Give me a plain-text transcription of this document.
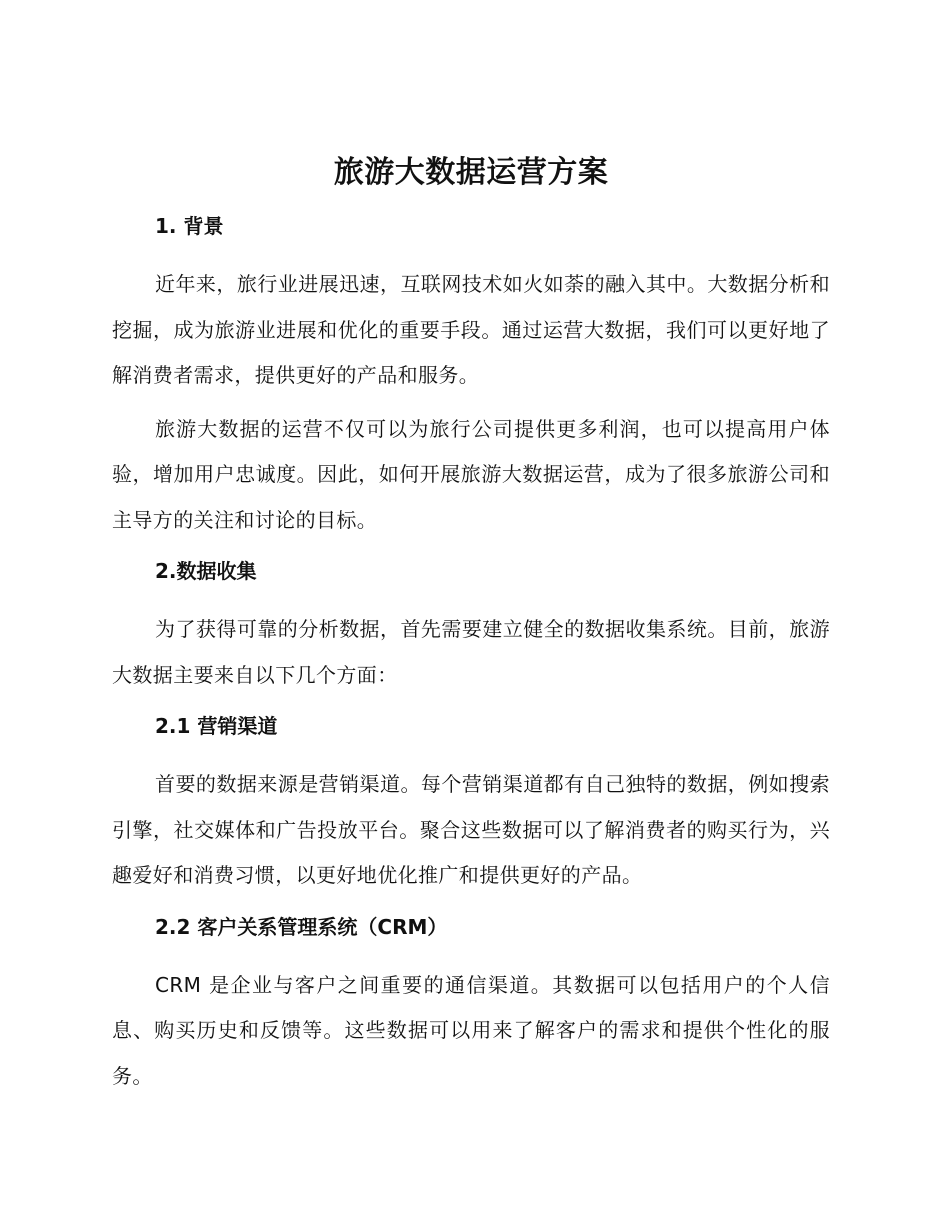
旅游大数据运营方案
1. 背景

近年来，旅行业进展迅速，互联网技术如火如荼的融入其中。大数据分析和挖掘，成为旅游业进展和优化的重要手段。通过运营大数据，我们可以更好地了解消费者需求，提供更好的产品和服务。

旅游大数据的运营不仅可以为旅行公司提供更多利润，也可以提高用户体验，增加用户忠诚度。因此，如何开展旅游大数据运营，成为了很多旅游公司和主导方的关注和讨论的目标。

2.数据收集

为了获得可靠的分析数据，首先需要建立健全的数据收集系统。目前，旅游大数据主要来自以下几个方面：

2.1 营销渠道

首要的数据来源是营销渠道。每个营销渠道都有自己独特的数据，例如搜索引擎，社交媒体和广告投放平台。聚合这些数据可以了解消费者的购买行为，兴趣爱好和消费习惯，以更好地优化推广和提供更好的产品。

2.2 客户关系管理系统（CRM）

CRM 是企业与客户之间重要的通信渠道。其数据可以包括用户的个人信息、购买历史和反馈等。这些数据可以用来了解客户的需求和提供个性化的服务。
